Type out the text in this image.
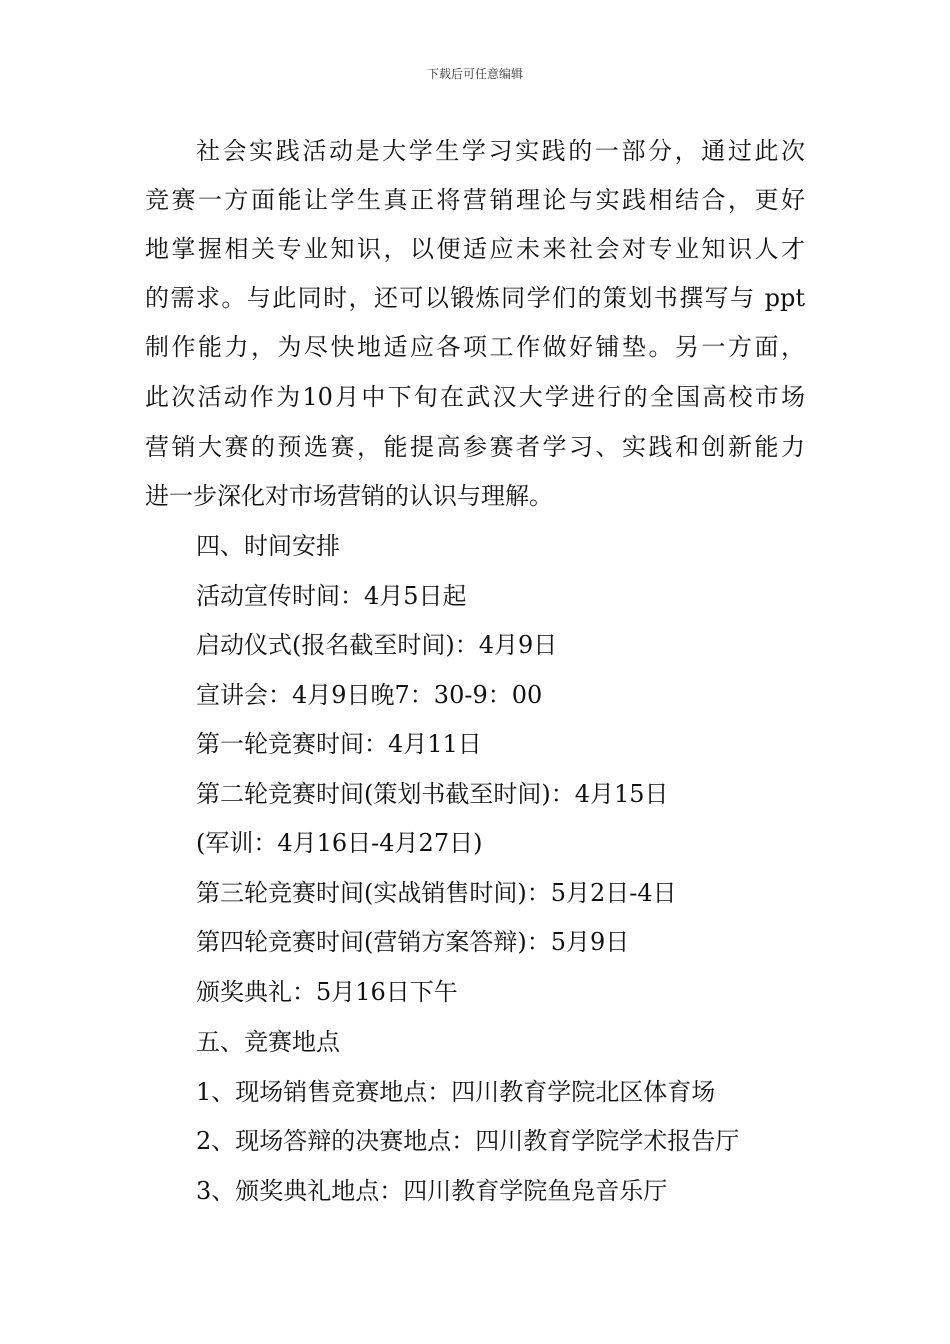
下载后可任意编辑
社会实践活动是大学生学习实践的一部分，通过此次
竞赛一方面能让学生真正将营销理论与实践相结合，更好
地掌握相关专业知识，以便适应未来社会对专业知识人才
的需求。与此同时，还可以锻炼同学们的策划书撰写与 ppt
制作能力，为尽快地适应各项工作做好铺垫。另一方面，
此次活动作为10月中下旬在武汉大学进行的全国高校市场
营销大赛的预选赛，能提高参赛者学习、实践和创新能力
进一步深化对市场营销的认识与理解。
四、时间安排
活动宣传时间：4月5日起
启动仪式(报名截至时间)：4月9日
宣讲会：4月9日晚7：30-9：00
第一轮竞赛时间：4月11日
第二轮竞赛时间(策划书截至时间)：4月15日
(军训：4月16日-4月27日)
第三轮竞赛时间(实战销售时间)：5月2日-4日
第四轮竞赛时间(营销方案答辩)：5月9日
颁奖典礼：5月16日下午
五、竞赛地点
1、现场销售竞赛地点：四川教育学院北区体育场
2、现场答辩的决赛地点：四川教育学院学术报告厅
3、颁奖典礼地点：四川教育学院鱼凫音乐厅
